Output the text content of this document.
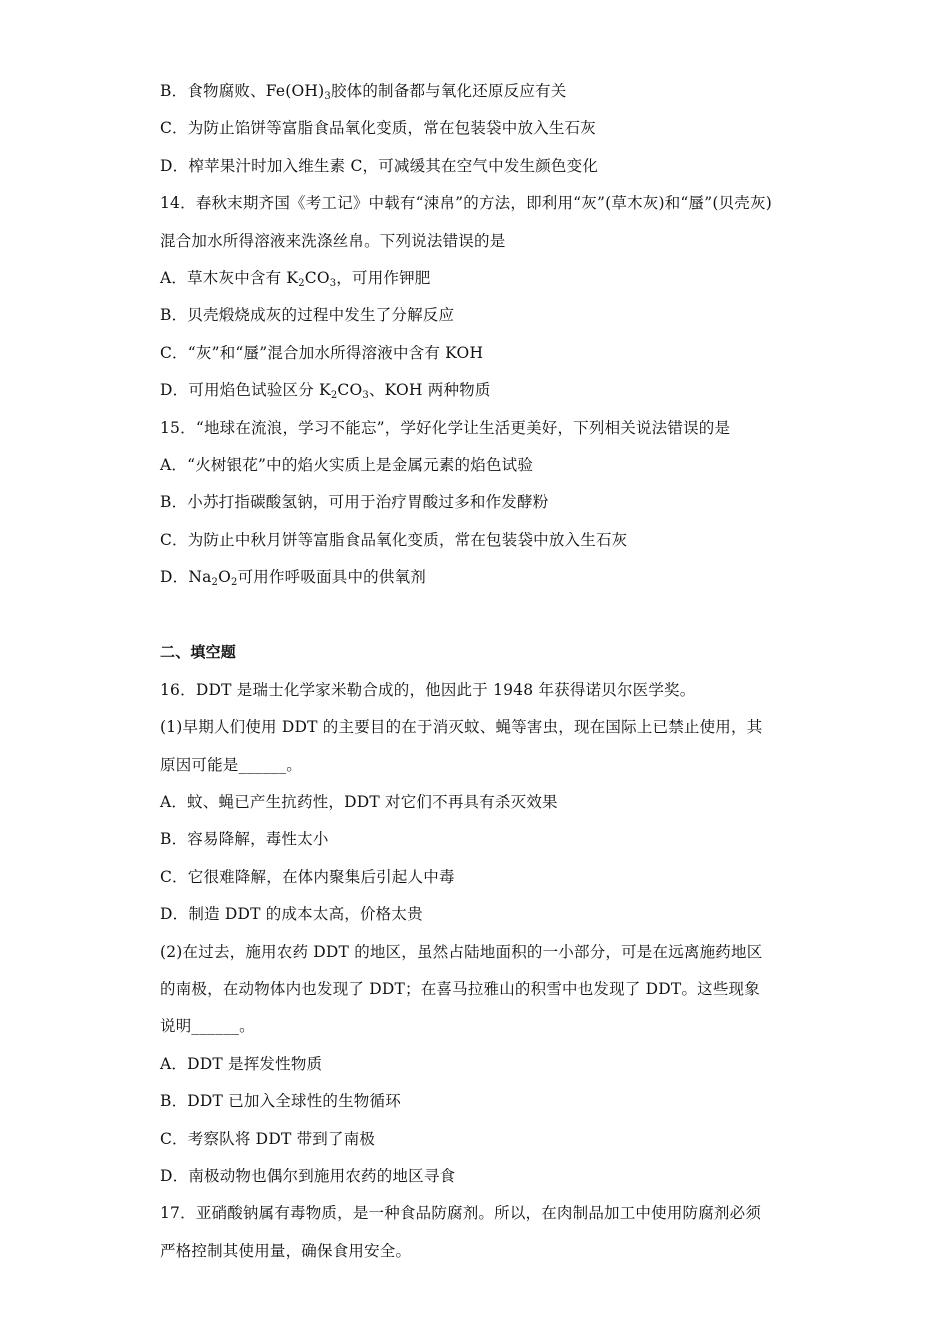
B．食物腐败、$Fe(OH)_3$胶体的制备都与氧化还原反应有关
C．为防止馅饼等富脂食品氧化变质，常在包装袋中放入生石灰
D．榨苹果汁时加入维生素 C，可减缓其在空气中发生颜色变化
14．春秋末期齐国《考工记》中载有“涑帛”的方法，即利用“灰”(草木灰)和“蜃”(贝壳灰)
混合加水所得溶液来洗涤丝帛。下列说法错误的是
A．草木灰中含有 $K_2CO_3$，可用作钾肥
B．贝壳煅烧成灰的过程中发生了分解反应
C．“灰”和“蜃”混合加水所得溶液中含有 KOH
D．可用焰色试验区分 $K_2CO_3$、KOH 两种物质
15．“地球在流浪，学习不能忘”，学好化学让生活更美好，下列相关说法错误的是
A．“火树银花”中的焰火实质上是金属元素的焰色试验
B．小苏打指碳酸氢钠，可用于治疗胃酸过多和作发酵粉
C．为防止中秋月饼等富脂食品氧化变质，常在包装袋中放入生石灰
D．$Na_2O_2$可用作呼吸面具中的供氧剂
二、填空题
16．DDT 是瑞士化学家米勒合成的，他因此于 1948 年获得诺贝尔医学奖。
(1)早期人们使用 DDT 的主要目的在于消灭蚊、蝇等害虫，现在国际上已禁止使用，其
原因可能是______。
A．蚊、蝇已产生抗药性，DDT 对它们不再具有杀灭效果
B．容易降解，毒性太小
C．它很难降解，在体内聚集后引起人中毒
D．制造 DDT 的成本太高，价格太贵
(2)在过去，施用农药 DDT 的地区，虽然占陆地面积的一小部分，可是在远离施药地区
的南极，在动物体内也发现了 DDT；在喜马拉雅山的积雪中也发现了 DDT。这些现象
说明______。
A．DDT 是挥发性物质
B．DDT 已加入全球性的生物循环
C．考察队将 DDT 带到了南极
D．南极动物也偶尔到施用农药的地区寻食
17．亚硝酸钠属有毒物质，是一种食品防腐剂。所以，在肉制品加工中使用防腐剂必须
严格控制其使用量，确保食用安全。
